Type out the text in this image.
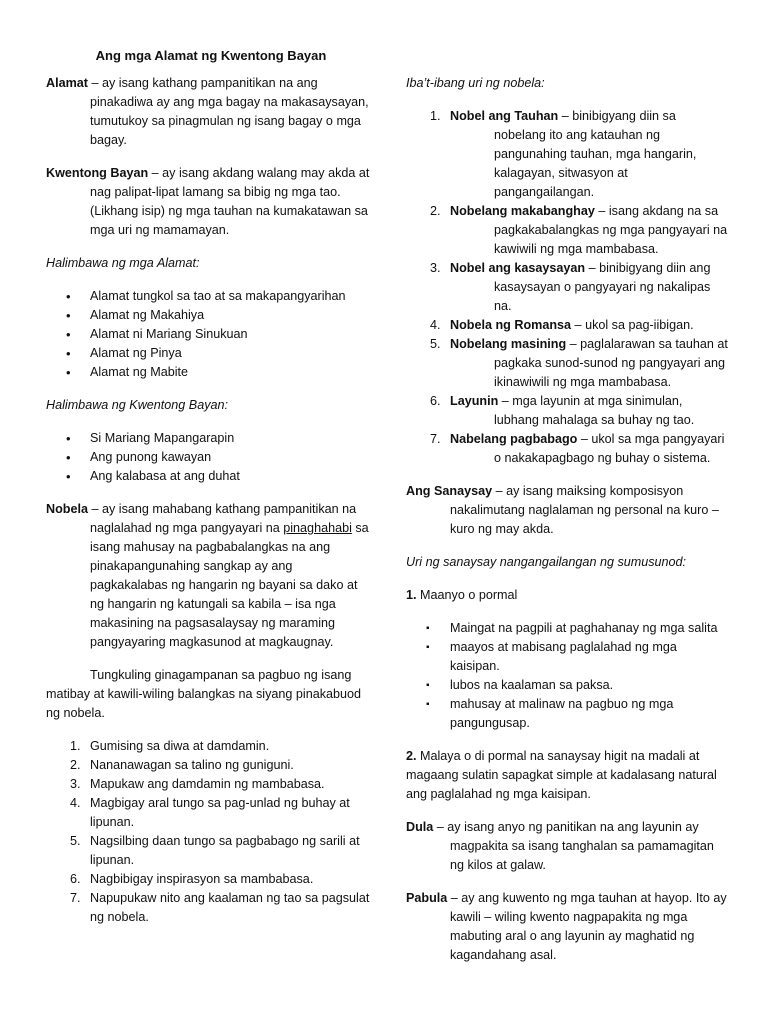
Ang mga Alamat ng Kwentong Bayan
Alamat – ay isang kathang pampanitikan na ang pinakadiwa ay ang mga bagay na makasaysayan, tumutukoy sa pinagmulan ng isang bagay o mga bagay.
Kwentong Bayan – ay isang akdang walang may akda at nag palipat-lipat lamang sa bibig ng mga tao. (Likhang isip) ng mga tauhan na kumakatawan sa mga uri ng mamamayan.
Halimbawa ng mga Alamat:
• Alamat tungkol sa tao at sa makapangyarihan
• Alamat ng Makahiya
• Alamat ni Mariang Sinukuan
• Alamat ng Pinya
• Alamat ng Mabite
Halimbawa ng Kwentong Bayan:
• Si Mariang Mapangarapin
• Ang punong kawayan
• Ang kalabasa at ang duhat
Nobela – ay isang mahabang kathang pampanitikan na naglalahad ng mga pangyayari na pinaghahabi sa isang mahusay na pagbabalangkas na ang pinakapangunahing sangkap ay ang pagkakalabas ng hangarin ng bayani sa dako at ng hangarin ng katungali sa kabila – isa nga makasining na pagsasalaysay ng maraming pangyayaring magkasunod at magkaugnay.
Tungkuling ginagampanan sa pagbuo ng isang matibay at kawili-wiling balangkas na siyang pinakabuod ng nobela.
1. Gumising sa diwa at damdamin.
2. Nananawagan sa talino ng guniguni.
3. Mapukaw ang damdamin ng mambabasa.
4. Magbigay aral tungo sa pag-unlad ng buhay at lipunan.
5. Nagsilbing daan tungo sa pagbabago ng sarili at lipunan.
6. Nagbibigay inspirasyon sa mambabasa.
7. Napupukaw nito ang kaalaman ng tao sa pagsulat ng nobela.
Iba’t-ibang uri ng nobela:
1. Nobel ang Tauhan – binibigyang diin sa nobelang ito ang katauhan ng pangunahing tauhan, mga hangarin, kalagayan, sitwasyon at pangangailangan.
2. Nobelang makabanghay – isang akdang na sa pagkakabalangkas ng mga pangyayari na kawiwili ng mga mambabasa.
3. Nobel ang kasaysayan – binibigyang diin ang kasaysayan o pangyayari ng nakalipas na.
4. Nobela ng Romansa – ukol sa pag-iibigan.
5. Nobelang masining – paglalarawan sa tauhan at pagkaka sunod-sunod ng pangyayari ang ikinawiwili ng mga mambabasa.
6. Layunin – mga layunin at mga sinimulan, lubhang mahalaga sa buhay ng tao.
7. Nabelang pagbabago – ukol sa mga pangyayari o nakakapagbago ng buhay o sistema.
Ang Sanaysay – ay isang maiksing komposisyon nakalimutang naglalaman ng personal na kuro – kuro ng may akda.
Uri ng sanaysay nangangailangan ng sumusunod:
1. Maanyo o pormal
▪ Maingat na pagpili at paghahanay ng mga salita
▪ maayos at mabisang paglalahad ng mga kaisipan.
▪ lubos na kaalaman sa paksa.
▪ mahusay at malinaw na pagbuo ng mga pangungusap.
2. Malaya o di pormal na sanaysay higit na madali at magaang sulatin sapagkat simple at kadalasang natural ang paglalahad ng mga kaisipan.
Dula – ay isang anyo ng panitikan na ang layunin ay magpakita sa isang tanghalan sa pamamagitan ng kilos at galaw.
Pabula – ay ang kuwento ng mga tauhan at hayop. Ito ay kawili – wiling kwento nagpapakita ng mga mabuting aral o ang layunin ay maghatid ng kagandahang asal.
